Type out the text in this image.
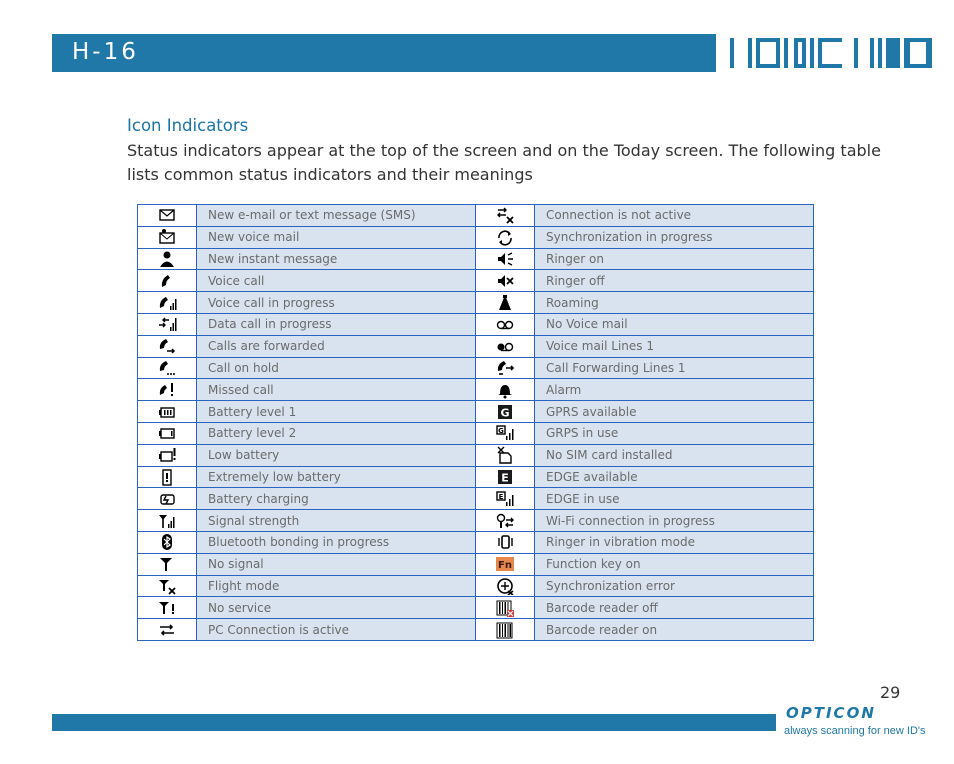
H-16
Icon Indicators
Status indicators appear at the top of the screen and on the Today screen. The following table lists common status indicators and their meanings
	New e-mail or text message (SMS)		Connection is not active
	New voice mail		Synchronization in progress
	New instant message		Ringer on
	Voice call		Ringer off
	Voice call in progress		Roaming
	Data call in progress		No Voice mail
	Calls are forwarded		Voice mail Lines 1
	Call on hold		Call Forwarding Lines 1
	Missed call		Alarm
	Battery level 1	G	GPRS available
	Battery level 2	G	GRPS in use
	Low battery		No SIM card installed
	Extremely low battery	E	EDGE available
	Battery charging	E	EDGE in use
	Signal strength		Wi-Fi connection in progress
	Bluetooth bonding in progress		Ringer in vibration mode
	No signal	Fn	Function key on
	Flight mode		Synchronization error
	No service		Barcode reader off
	PC Connection is active		Barcode reader on
29
OPTICON
always scanning for new ID's
